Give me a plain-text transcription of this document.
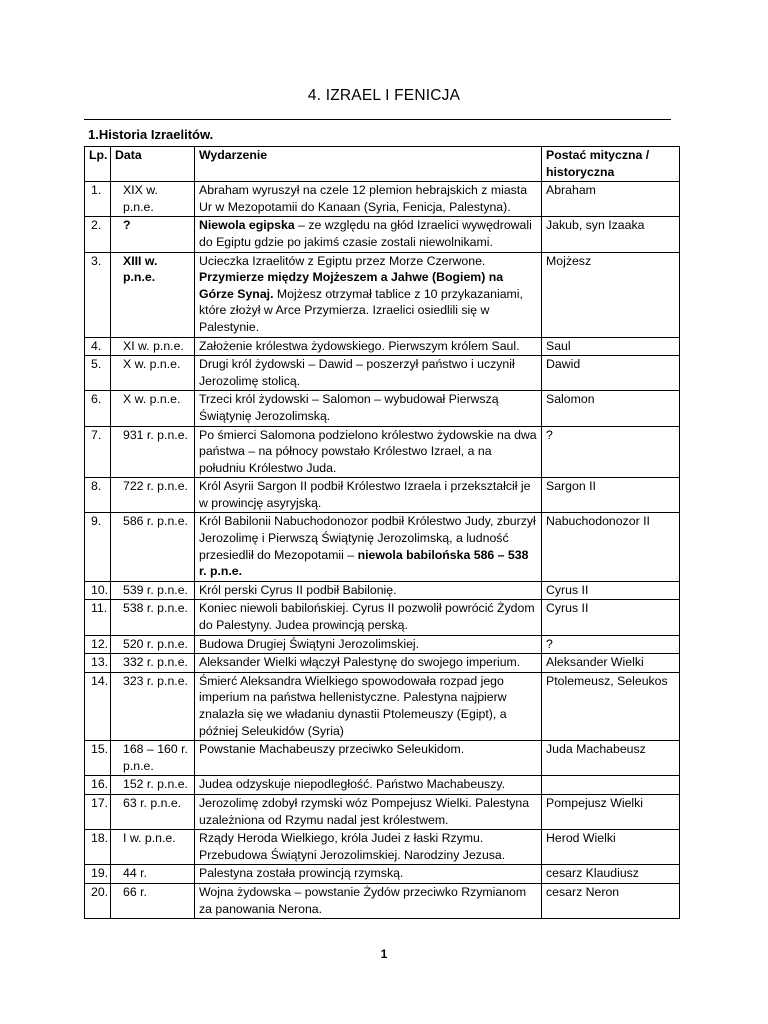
4. IZRAEL I FENICJA
1.Historia Izraelitów.
Lp.	Data	Wydarzenie	Postać mityczna / historyczna
1.	XIX w. p.n.e.	Abraham wyruszył na czele 12 plemion hebrajskich z miasta Ur w Mezopotamii do Kanaan (Syria, Fenicja, Palestyna).	Abraham
2.	?	Niewola egipska – ze względu na głód Izraelici wywędrowali do Egiptu gdzie po jakimś czasie zostali niewolnikami.	Jakub, syn Izaaka
3.	XIII w. p.n.e.	Ucieczka Izraelitów z Egiptu przez Morze Czerwone. Przymierze między Mojżeszem a Jahwe (Bogiem) na Górze Synaj. Mojżesz otrzymał tablice z 10 przykazaniami, które złożył w Arce Przymierza. Izraelici osiedlili się w Palestynie.	Mojżesz
4.	XI w. p.n.e.	Założenie królestwa żydowskiego. Pierwszym królem Saul.	Saul
5.	X w. p.n.e.	Drugi król żydowski – Dawid – poszerzył państwo i uczynił Jerozolimę stolicą.	Dawid
6.	X w. p.n.e.	Trzeci król żydowski – Salomon – wybudował Pierwszą Świątynię Jerozolimską.	Salomon
7.	931 r. p.n.e.	Po śmierci Salomona podzielono królestwo żydowskie na dwa państwa – na północy powstało Królestwo Izrael, a na południu Królestwo Juda.	?
8.	722 r. p.n.e.	Król Asyrii Sargon II podbił Królestwo Izraela i przekształcił je w prowincję asyryjską.	Sargon II
9.	586 r. p.n.e.	Król Babilonii Nabuchodonozor podbił Królestwo Judy, zburzył Jerozolimę i Pierwszą Świątynię Jerozolimską, a ludność przesiedlił do Mezopotamii – niewola babilońska 586 – 538 r. p.n.e.	Nabuchodonozor II
10.	539 r. p.n.e.	Król perski Cyrus II podbił Babilonię.	Cyrus II
11.	538 r. p.n.e.	Koniec niewoli babilońskiej. Cyrus II pozwolił powrócić Żydom do Palestyny. Judea prowincją perską.	Cyrus II
12.	520 r. p.n.e.	Budowa Drugiej Świątyni Jerozolimskiej.	?
13.	332 r. p.n.e.	Aleksander Wielki włączył Palestynę do swojego imperium.	Aleksander Wielki
14.	323 r. p.n.e.	Śmierć Aleksandra Wielkiego spowodowała rozpad jego imperium na państwa hellenistyczne. Palestyna najpierw znalazła się we władaniu dynastii Ptolemeuszy (Egipt), a później Seleukidów (Syria)	Ptolemeusz, Seleukos
15.	168 – 160 r. p.n.e.	Powstanie Machabeuszy przeciwko Seleukidom.	Juda Machabeusz
16.	152 r. p.n.e.	Judea odzyskuje niepodległość. Państwo Machabeuszy.	
17.	63 r. p.n.e.	Jerozolimę zdobył rzymski wóz Pompejusz Wielki. Palestyna uzależniona od Rzymu nadal jest królestwem.	Pompejusz Wielki
18.	I w. p.n.e.	Rządy Heroda Wielkiego, króla Judei z łaski Rzymu. Przebudowa Świątyni Jerozolimskiej. Narodziny Jezusa.	Herod Wielki
19.	44 r.	Palestyna została prowincją rzymską.	cesarz Klaudiusz
20.	66 r.	Wojna żydowska – powstanie Żydów przeciwko Rzymianom za panowania Nerona.	cesarz Neron
1
